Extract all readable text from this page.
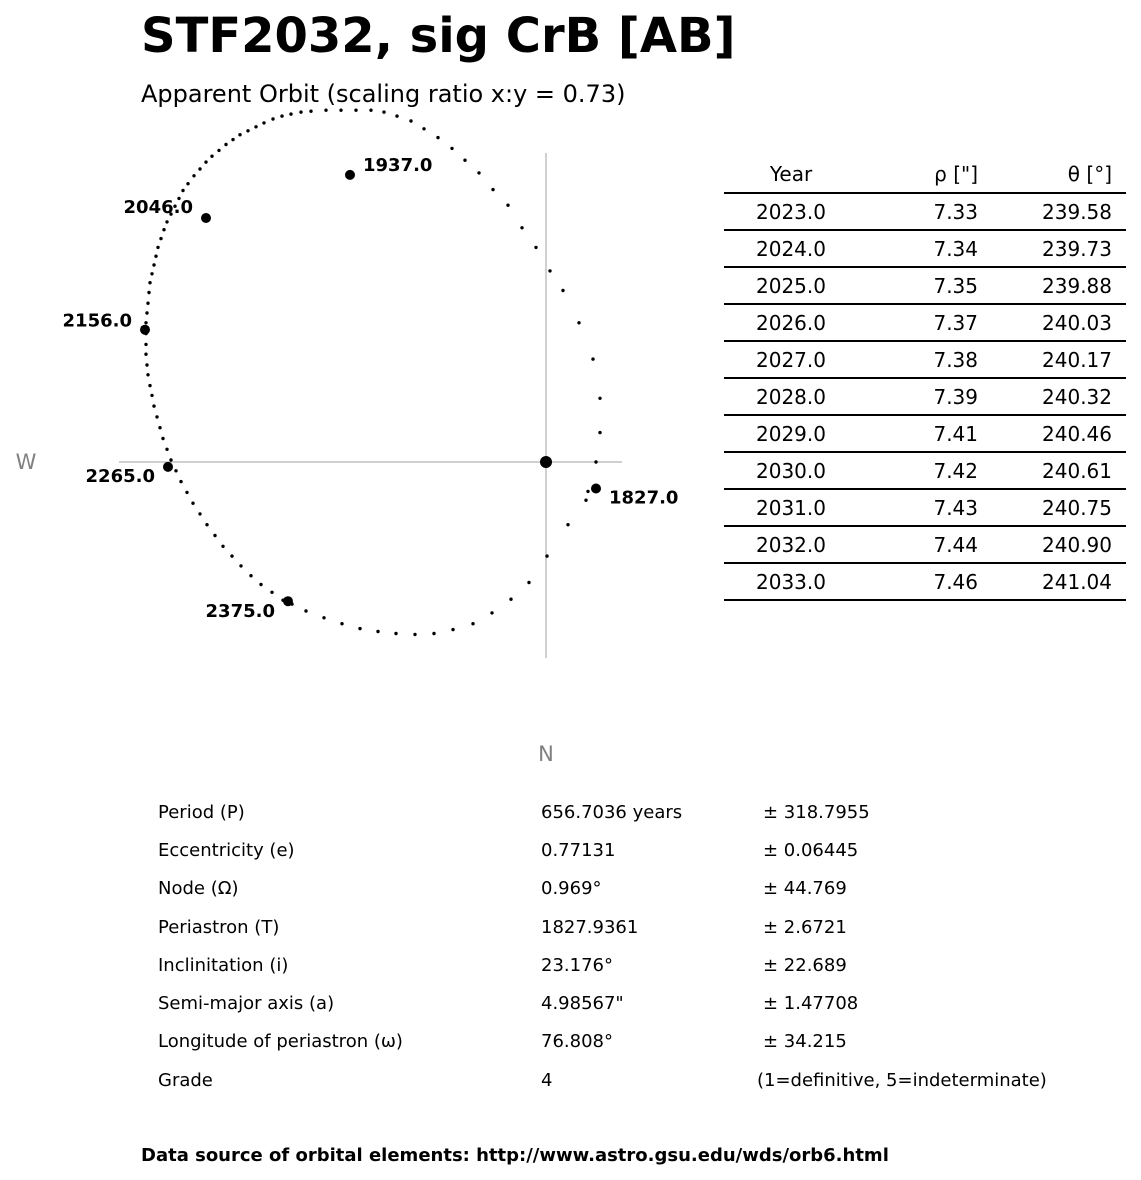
STF2032, sig CrB [AB]
Apparent Orbit (scaling ratio x:y = 0.73)
W
N
1937.0
2046.0
2156.0
2265.0
2375.0
1827.0
Year	ρ ["]	θ [°]
2023.0	7.33	239.58
2024.0	7.34	239.73
2025.0	7.35	239.88
2026.0	7.37	240.03
2027.0	7.38	240.17
2028.0	7.39	240.32
2029.0	7.41	240.46
2030.0	7.42	240.61
2031.0	7.43	240.75
2032.0	7.44	240.90
2033.0	7.46	241.04
Period (P)	656.7036 years	± 318.7955
Eccentricity (e)	0.77131	± 0.06445
Node (Ω)	0.969°	± 44.769
Periastron (T)	1827.9361	± 2.6721
Inclinitation (i)	23.176°	± 22.689
Semi-major axis (a)	4.98567"	± 1.47708
Longitude of periastron (ω)	76.808°	± 34.215
Grade	4	(1=definitive, 5=indeterminate)
Data source of orbital elements: http://www.astro.gsu.edu/wds/orb6.html
